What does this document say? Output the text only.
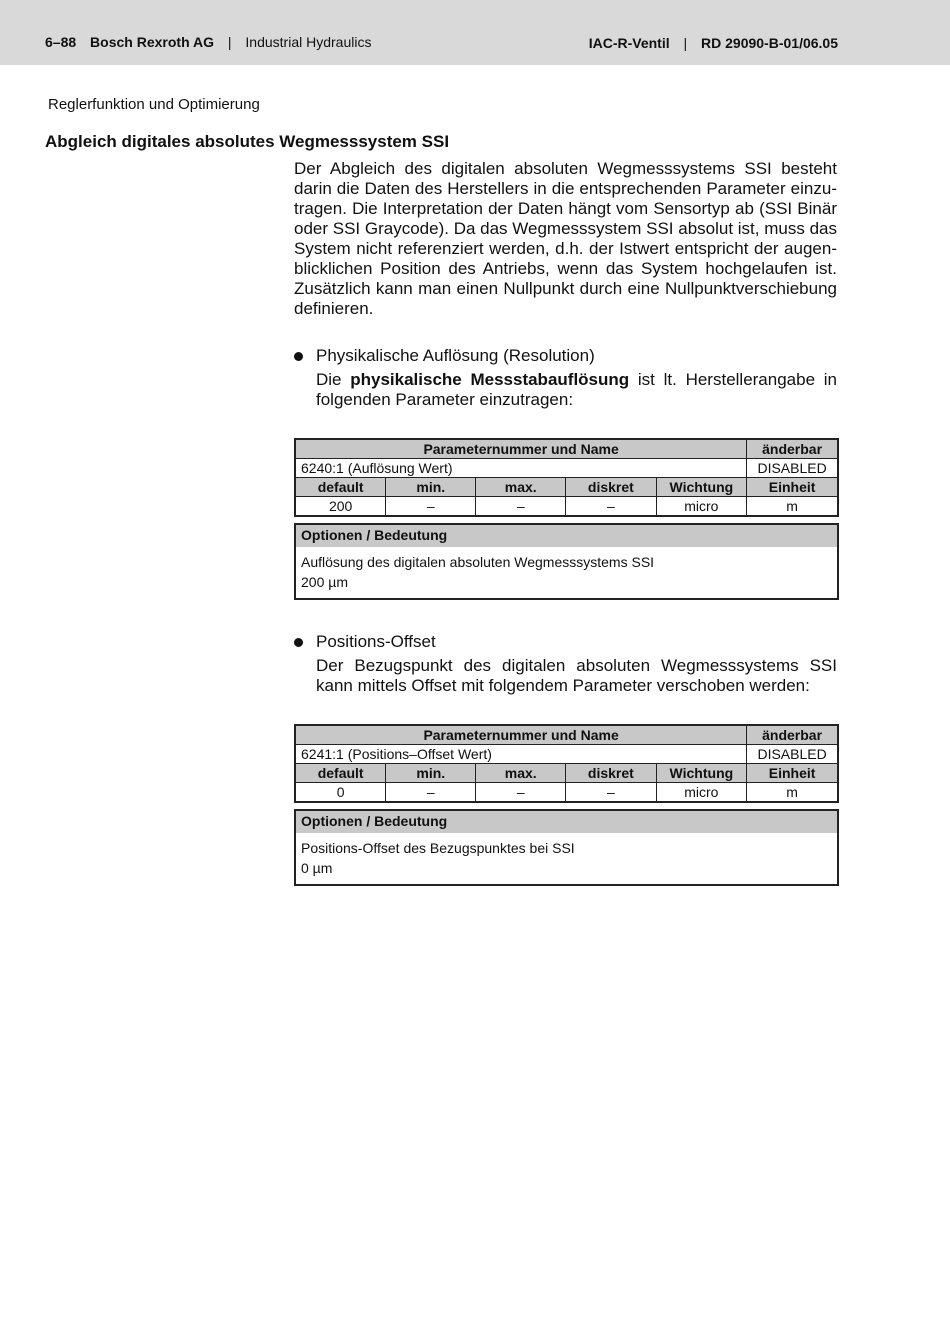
6–88 Bosch Rexroth AG | Industrial Hydraulics	IAC-R-Ventil | RD 29090-B-01/06.05
Reglerfunktion und Optimierung
Abgleich digitales absolutes Wegmesssystem SSI

Der Abgleich des digitalen absoluten Wegmesssystems SSI besteht darin die Daten des Herstellers in die entsprechenden Parameter einzutragen. Die Interpretation der Daten hängt vom Sensortyp ab (SSI Binär oder SSI Graycode). Da das Wegmesssystem SSI absolut ist, muss das System nicht referenziert werden, d.h. der Istwert entspricht der augenblicklichen Position des Antriebs, wenn das System hochgelaufen ist. Zusätzlich kann man einen Nullpunkt durch eine Nullpunktverschiebung definieren.

Physikalische Auflösung (Resolution)
Die physikalische Messstabauflösung ist lt. Herstellerangabe in folgenden Parameter einzutragen:
Parameternummer und Name					änderbar
6240:1 (Auflösung Wert)					DISABLED
default	min.	max.	diskret	Wichtung	Einheit
200	–	–	–	micro	m
Optionen / Bedeutung
Auflösung des digitalen absoluten Wegmesssystems SSI
200 µm
Positions-Offset
Der Bezugspunkt des digitalen absoluten Wegmesssystems SSI kann mittels Offset mit folgendem Parameter verschoben werden:
Parameternummer und Name					änderbar
6241:1 (Positions–Offset Wert)					DISABLED
default	min.	max.	diskret	Wichtung	Einheit
0	–	–	–	micro	m
Optionen / Bedeutung
Positions-Offset des Bezugspunktes bei SSI
0 µm
